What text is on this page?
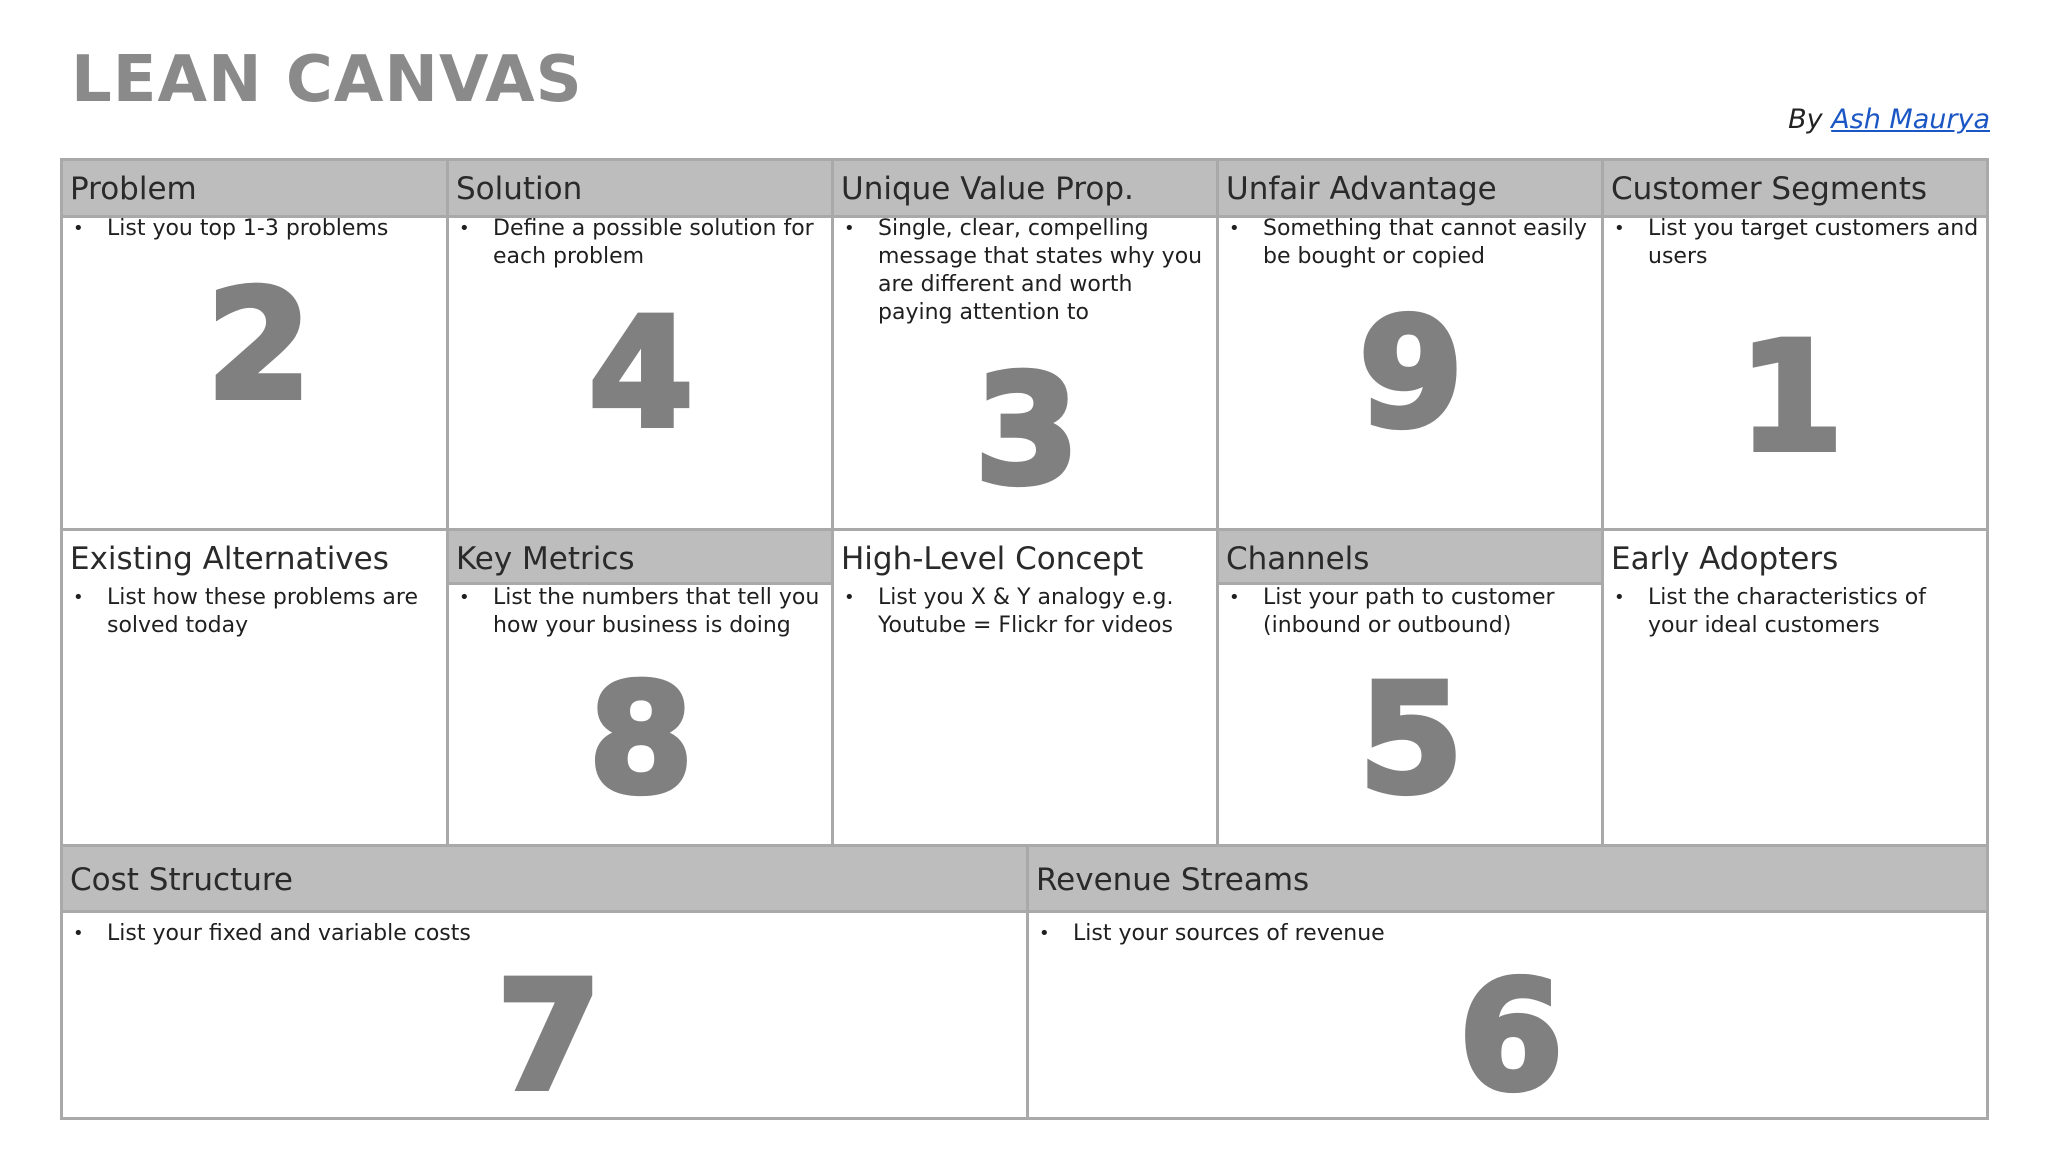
LEAN CANVAS
By Ash Maurya
Problem
• List you top 1-3 problems
2
Solution
• Define a possible solution for each problem
4
Unique Value Prop.
• Single, clear, compelling message that states why you are different and worth paying attention to
3
Unfair Advantage
• Something that cannot easily be bought or copied
9
Customer Segments
• List you target customers and users
1
Existing Alternatives
• List how these problems are solved today
Key Metrics
• List the numbers that tell you how your business is doing
8
High-Level Concept
• List you X & Y analogy e.g. Youtube = Flickr for videos
Channels
• List your path to customer (inbound or outbound)
5
Early Adopters
• List the characteristics of your ideal customers
Cost Structure
• List your fixed and variable costs
7
Revenue Streams
• List your sources of revenue
6
